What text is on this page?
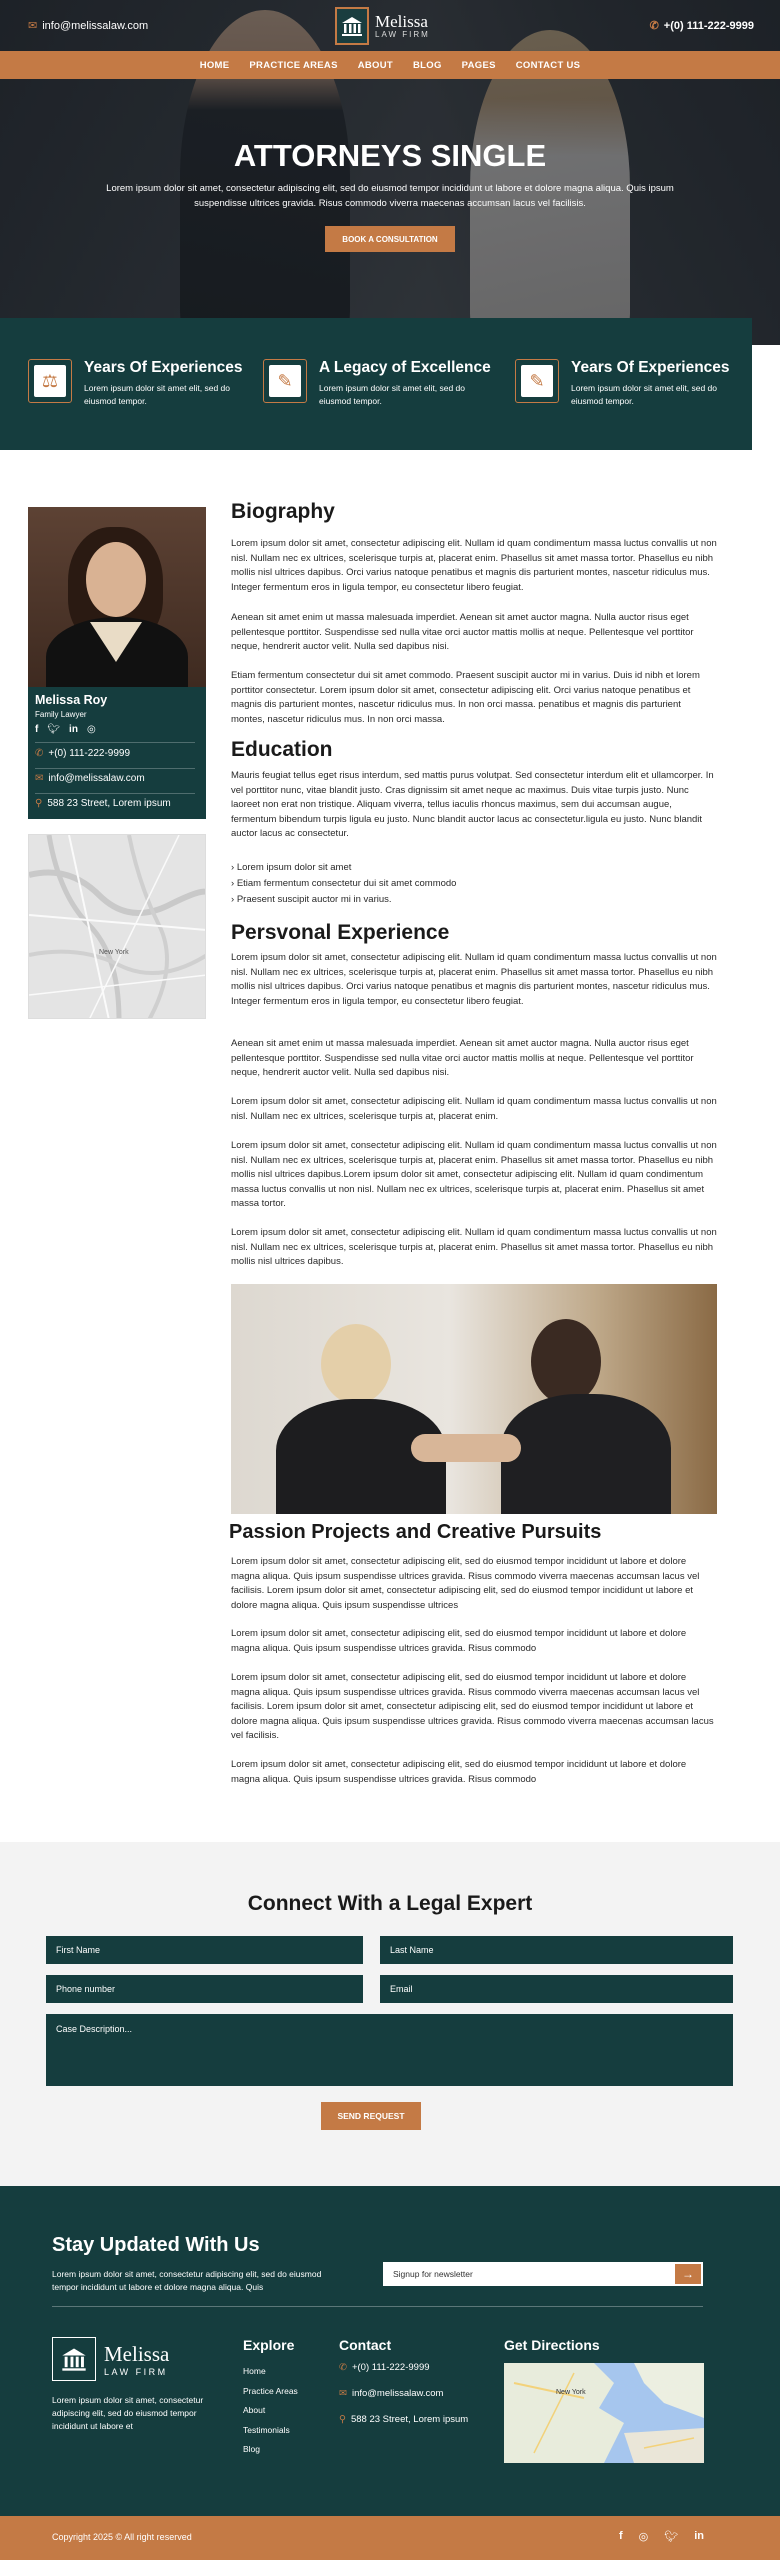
✉ info@melissalaw.com	Melissa
LAW FIRM
✆ +(0) 111-222-9999
HOME PRACTICE AREAS ABOUT BLOG PAGES CONTACT US
ATTORNEYS SINGLE
Lorem ipsum dolor sit amet, consectetur adipiscing elit, sed do eiusmod tempor incididunt ut labore et dolore magna aliqua. Quis ipsum suspendisse ultrices gravida. Risus commodo viverra maecenas accumsan lacus vel facilisis.
BOOK A CONSULTATION
⚖
Years Of Experiences

Lorem ipsum dolor sit amet elit, sed do eiusmod tempor.

✎
A Legacy of Excellence

Lorem ipsum dolor sit amet elit, sed do eiusmod tempor.

✎
Years Of Experiences

Lorem ipsum dolor sit amet elit, sed do eiusmod tempor.

Melissa Roy
Family Lawyer
f 🐦︎ in ◎
✆ +(0) 111-222-9999
✉ info@melissalaw.com
⚲ 588 23 Street, Lorem ipsum
New York
Biography
Lorem ipsum dolor sit amet, consectetur adipiscing elit. Nullam id quam condimentum massa luctus convallis ut non nisl. Nullam nec ex ultrices, scelerisque turpis at, placerat enim. Phasellus sit amet massa tortor. Phasellus eu nibh mollis nisl ultrices dapibus. Orci varius natoque penatibus et magnis dis parturient montes, nascetur ridiculus mus. Integer fermentum eros in ligula tempor, eu consectetur libero feugiat.
Aenean sit amet enim ut massa malesuada imperdiet. Aenean sit amet auctor magna. Nulla auctor risus eget pellentesque porttitor. Suspendisse sed nulla vitae orci auctor mattis mollis at neque. Pellentesque vel porttitor neque, hendrerit auctor velit. Nulla sed dapibus nisi.
Etiam fermentum consectetur dui sit amet commodo. Praesent suscipit auctor mi in varius. Duis id nibh et lorem porttitor consectetur. Lorem ipsum dolor sit amet, consectetur adipiscing elit. Orci varius natoque penatibus et magnis dis parturient montes, nascetur ridiculus mus. In non orci massa. penatibus et magnis dis parturient montes, nascetur ridiculus mus. In non orci massa.
Education
Mauris feugiat tellus eget risus interdum, sed mattis purus volutpat. Sed consectetur interdum elit et ullamcorper. In vel porttitor nunc, vitae blandit justo. Cras dignissim sit amet neque ac maximus. Duis vitae turpis justo. Nunc laoreet non erat non tristique. Aliquam viverra, tellus iaculis rhoncus maximus, sem dui accumsan augue, fermentum bibendum turpis ligula eu justo. Nunc blandit auctor lacus ac consectetur.ligula eu justo. Nunc blandit auctor lacus ac consectetur.
› Lorem ipsum dolor sit amet
› Etiam fermentum consectetur dui sit amet commodo
› Praesent suscipit auctor mi in varius.
Persvonal Experience
Lorem ipsum dolor sit amet, consectetur adipiscing elit. Nullam id quam condimentum massa luctus convallis ut non nisl. Nullam nec ex ultrices, scelerisque turpis at, placerat enim. Phasellus sit amet massa tortor. Phasellus eu nibh mollis nisl ultrices dapibus. Orci varius natoque penatibus et magnis dis parturient montes, nascetur ridiculus mus. Integer fermentum eros in ligula tempor, eu consectetur libero feugiat.
Aenean sit amet enim ut massa malesuada imperdiet. Aenean sit amet auctor magna. Nulla auctor risus eget pellentesque porttitor. Suspendisse sed nulla vitae orci auctor mattis mollis at neque. Pellentesque vel porttitor neque, hendrerit auctor velit. Nulla sed dapibus nisi.
Lorem ipsum dolor sit amet, consectetur adipiscing elit. Nullam id quam condimentum massa luctus convallis ut non nisl. Nullam nec ex ultrices, scelerisque turpis at, placerat enim.
Lorem ipsum dolor sit amet, consectetur adipiscing elit. Nullam id quam condimentum massa luctus convallis ut non nisl. Nullam nec ex ultrices, scelerisque turpis at, placerat enim. Phasellus sit amet massa tortor. Phasellus eu nibh mollis nisl ultrices dapibus.Lorem ipsum dolor sit amet, consectetur adipiscing elit. Nullam id quam condimentum massa luctus convallis ut non nisl. Nullam nec ex ultrices, scelerisque turpis at, placerat enim. Phasellus sit amet massa tortor.
Lorem ipsum dolor sit amet, consectetur adipiscing elit. Nullam id quam condimentum massa luctus convallis ut non nisl. Nullam nec ex ultrices, scelerisque turpis at, placerat enim. Phasellus sit amet massa tortor. Phasellus eu nibh mollis nisl ultrices dapibus.
Passion Projects and Creative Pursuits
Lorem ipsum dolor sit amet, consectetur adipiscing elit, sed do eiusmod tempor incididunt ut labore et dolore magna aliqua. Quis ipsum suspendisse ultrices gravida. Risus commodo viverra maecenas accumsan lacus vel facilisis. Lorem ipsum dolor sit amet, consectetur adipiscing elit, sed do eiusmod tempor incididunt ut labore et dolore magna aliqua. Quis ipsum suspendisse ultrices
Lorem ipsum dolor sit amet, consectetur adipiscing elit, sed do eiusmod tempor incididunt ut labore et dolore magna aliqua. Quis ipsum suspendisse ultrices gravida. Risus commodo
Lorem ipsum dolor sit amet, consectetur adipiscing elit, sed do eiusmod tempor incididunt ut labore et dolore magna aliqua. Quis ipsum suspendisse ultrices gravida. Risus commodo viverra maecenas accumsan lacus vel facilisis. Lorem ipsum dolor sit amet, consectetur adipiscing elit, sed do eiusmod tempor incididunt ut labore et dolore magna aliqua. Quis ipsum suspendisse ultrices gravida. Risus commodo viverra maecenas accumsan lacus vel facilisis.
Lorem ipsum dolor sit amet, consectetur adipiscing elit, sed do eiusmod tempor incididunt ut labore et dolore magna aliqua. Quis ipsum suspendisse ultrices gravida. Risus commodo
Connect With a Legal Expert
First Name	Last Name
Phone number	Email
Case Description...
SEND REQUEST
Stay Updated With Us
Lorem ipsum dolor sit amet, consectetur adipiscing elit, sed do eiusmod tempor incididunt ut labore et dolore magna aliqua. Quis
Signup for newsletter	→
Melissa
LAW FIRM
Lorem ipsum dolor sit amet, consectetur adipiscing elit, sed do eiusmod tempor incididunt ut labore et
Explore
Home
Practice Areas
About
Testimonials
Blog
Contact
✆ +(0) 111-222-9999
✉ info@melissalaw.com
⚲ 588 23 Street, Lorem ipsum
Get Directions
New York
Copyright 2025 © All right reserved	f ◎ 🐦︎ in
